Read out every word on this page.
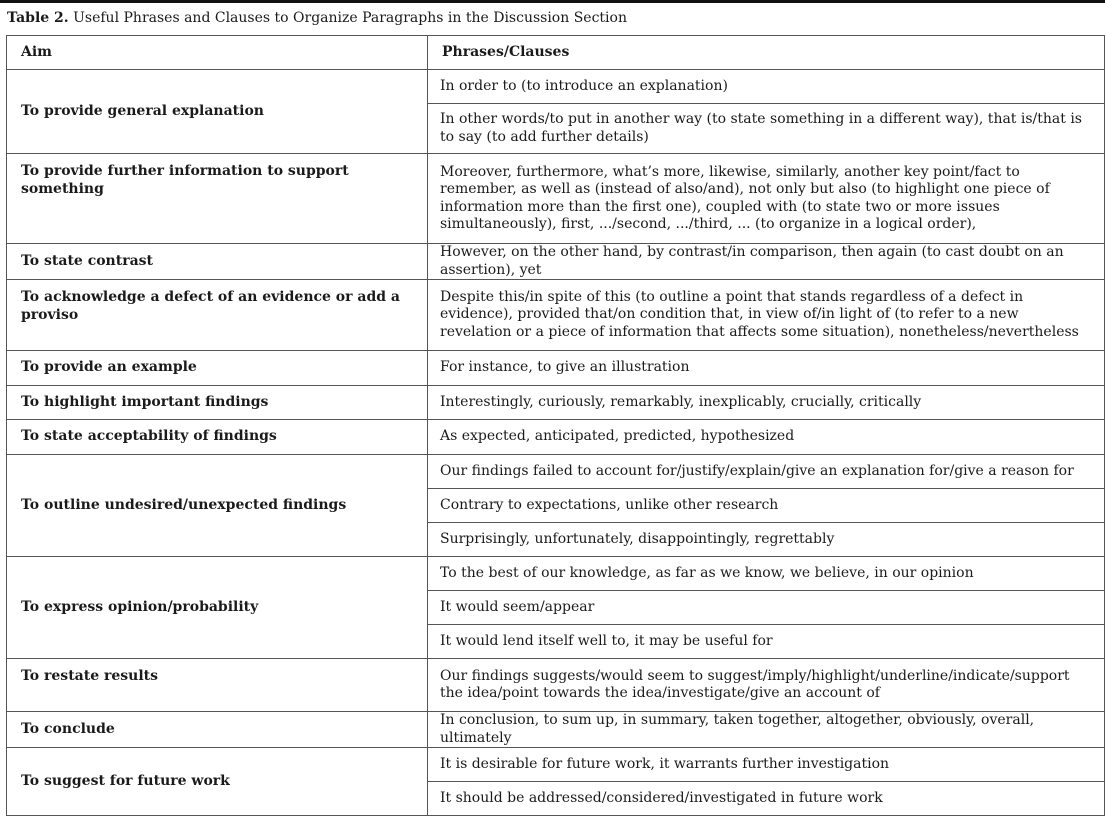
Table 2. Useful Phrases and Clauses to Organize Paragraphs in the Discussion Section
Aim	Phrases/Clauses
To provide general explanation	In order to (to introduce an explanation)
	In other words/to put in another way (to state something in a different way), that is/that is to say (to add further details)
To provide further information to support something	Moreover, furthermore, what’s more, likewise, similarly, another key point/fact to remember, as well as (instead of also/and), not only but also (to highlight one piece of information more than the first one), coupled with (to state two or more issues simultaneously), first, .../second, .../third, ... (to organize in a logical order),
To state contrast	However, on the other hand, by contrast/in comparison, then again (to cast doubt on an assertion), yet
To acknowledge a defect of an evidence or add a proviso	Despite this/in spite of this (to outline a point that stands regardless of a defect in evidence), provided that/on condition that, in view of/in light of (to refer to a new revelation or a piece of information that affects some situation), nonetheless/nevertheless
To provide an example	For instance, to give an illustration
To highlight important findings	Interestingly, curiously, remarkably, inexplicably, crucially, critically
To state acceptability of findings	As expected, anticipated, predicted, hypothesized
To outline undesired/unexpected findings	Our findings failed to account for/justify/explain/give an explanation for/give a reason for
	Contrary to expectations, unlike other research
	Surprisingly, unfortunately, disappointingly, regrettably
To express opinion/probability	To the best of our knowledge, as far as we know, we believe, in our opinion
	It would seem/appear
	It would lend itself well to, it may be useful for
To restate results	Our findings suggests/would seem to suggest/imply/highlight/underline/indicate/support the idea/point towards the idea/investigate/give an account of
To conclude	In conclusion, to sum up, in summary, taken together, altogether, obviously, overall, ultimately
To suggest for future work	It is desirable for future work, it warrants further investigation
	It should be addressed/considered/investigated in future work
